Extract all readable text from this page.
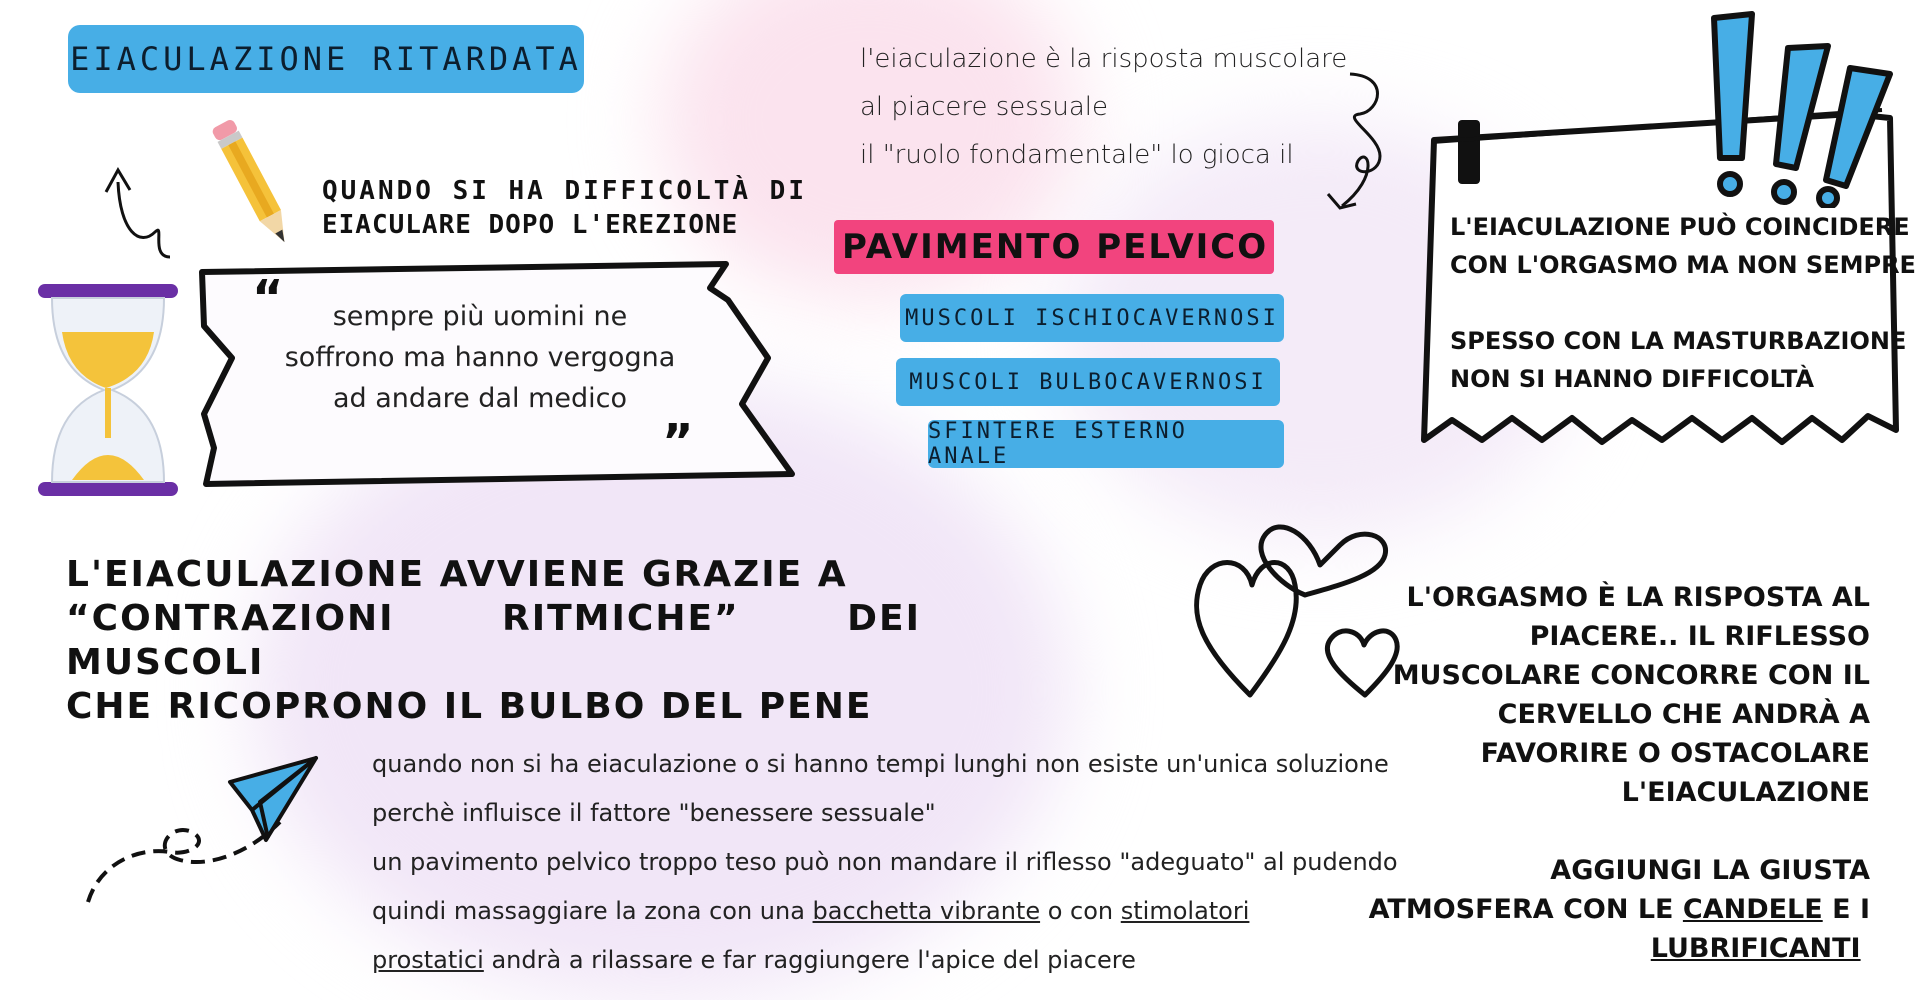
EIACULAZIONE RITARDATA
QUANDO SI HA DIFFICOLTÀ DI
EIACULARE DOPO L'EREZIONE
“	sempre più uomini ne
soffrono ma hanno vergogna
ad andare dal medico
”
l'eiaculazione è la risposta muscolare
al piacere sessuale
il "ruolo fondamentale" lo gioca il
PAVIMENTO PELVICO
MUSCOLI ISCHIOCAVERNOSI
MUSCOLI BULBOCAVERNOSI
SFINTERE ESTERNO ANALE
L'EIACULAZIONE PUÒ COINCIDERE
CON L'ORGASMO MA NON SEMPRE
SPESSO CON LA MASTURBAZIONE
NON SI HANNO DIFFICOLTÀ
L'EIACULAZIONE AVVIENE GRAZIE A
“CONTRAZIONI RITMICHE” DEI MUSCOLI
CHE RICOPRONO IL BULBO DEL PENE
L'ORGASMO È LA RISPOSTA AL
PIACERE.. IL RIFLESSO
MUSCOLARE CONCORRE CON IL
CERVELLO CHE ANDRÀ A
FAVORIRE O OSTACOLARE
L'EIACULAZIONE
AGGIUNGI LA GIUSTA
ATMOSFERA CON LE CANDELE E I
LUBRIFICANTI
quando non si ha eiaculazione o si hanno tempi lunghi non esiste un'unica soluzione
perchè influisce il fattore "benessere sessuale"
un pavimento pelvico troppo teso può non mandare il riflesso "adeguato" al pudendo
quindi massaggiare la zona con una bacchetta vibrante o con stimolatori
prostatici andrà a rilassare e far raggiungere l'apice del piacere
